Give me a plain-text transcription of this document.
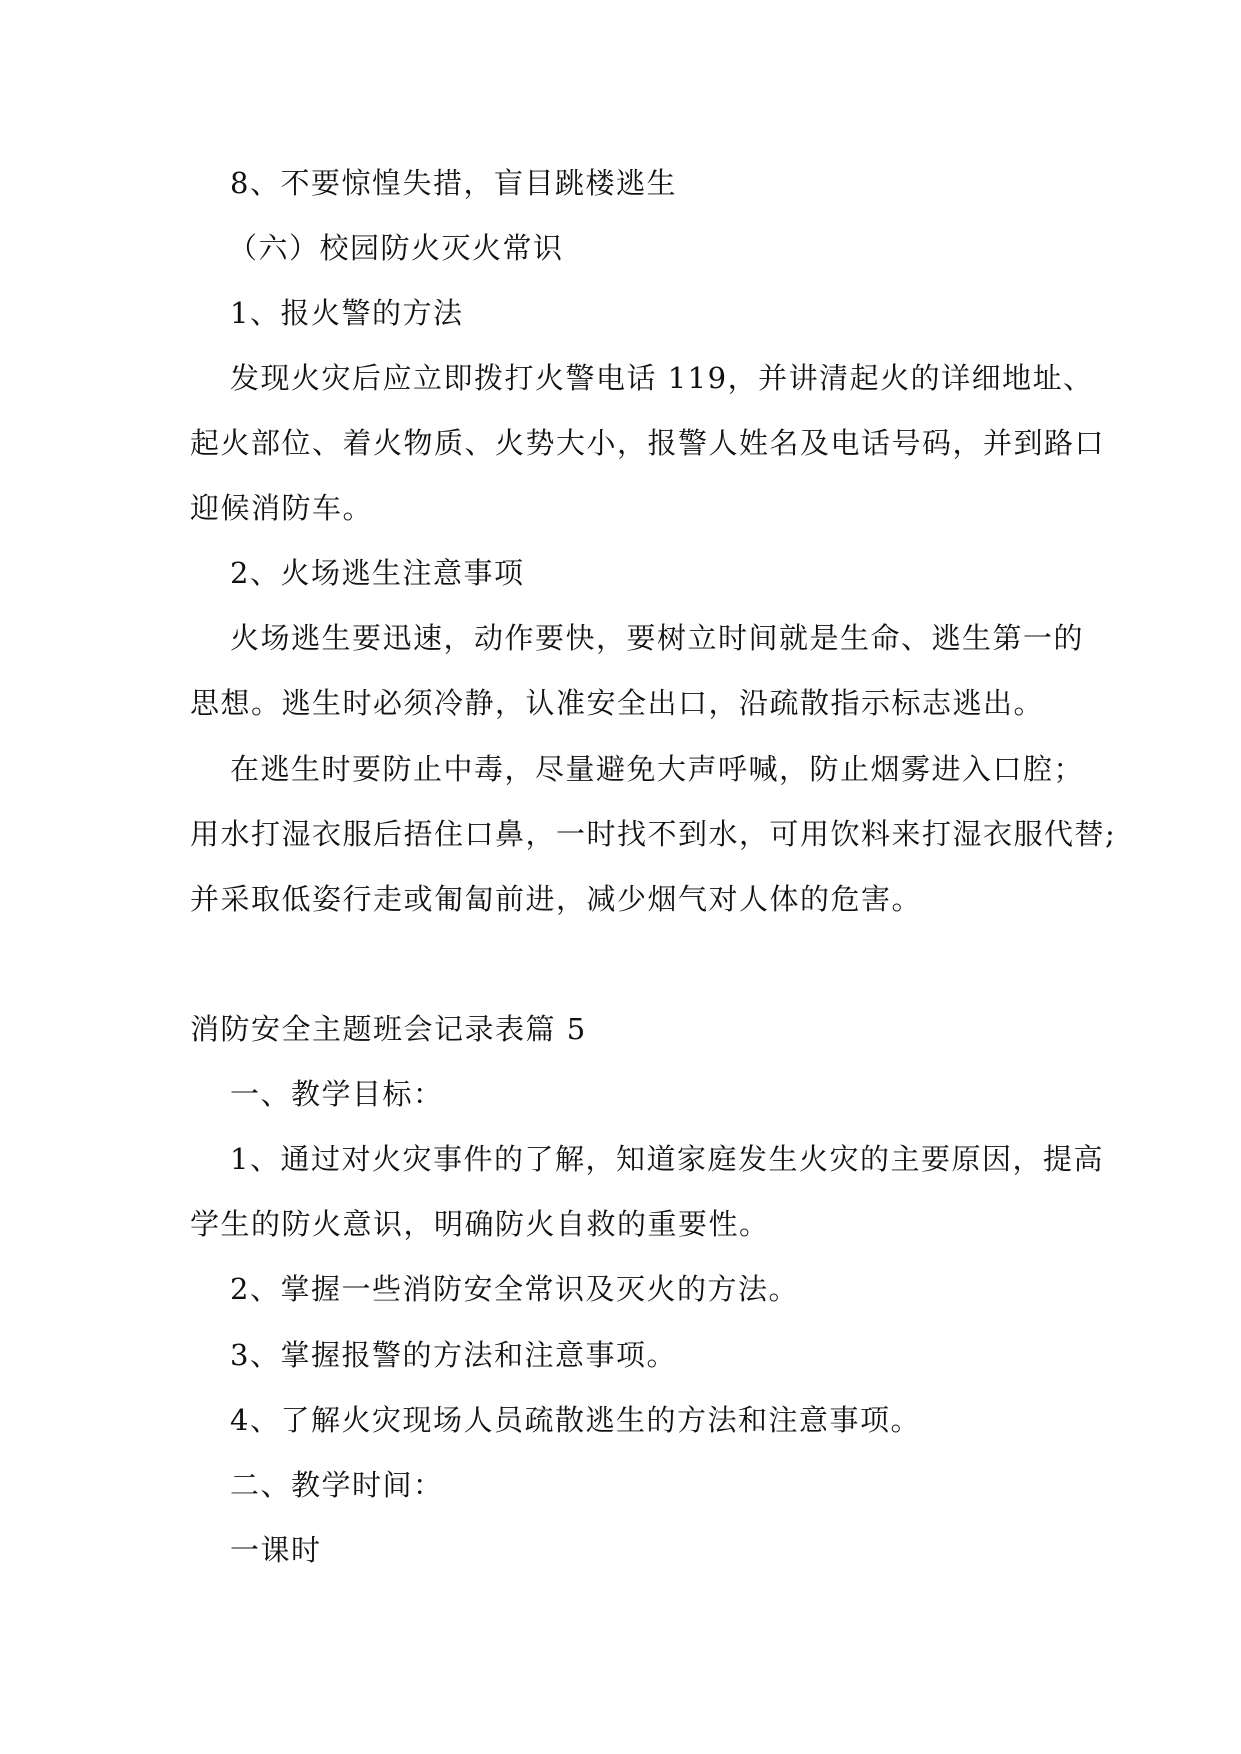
8、不要惊惶失措，盲目跳楼逃生

（六）校园防火灭火常识

1、报火警的方法

发现火灾后应立即拨打火警电话 119，并讲清起火的详细地址、

起火部位、着火物质、火势大小，报警人姓名及电话号码，并到路口

迎候消防车。

2、火场逃生注意事项

火场逃生要迅速，动作要快，要树立时间就是生命、逃生第一的

思想。逃生时必须冷静，认准安全出口，沿疏散指示标志逃出。

在逃生时要防止中毒，尽量避免大声呼喊，防止烟雾进入口腔；

用水打湿衣服后捂住口鼻，一时找不到水，可用饮料来打湿衣服代替;

并采取低姿行走或匍匐前进，减少烟气对人体的危害。

消防安全主题班会记录表篇 5

一、教学目标：

1、通过对火灾事件的了解，知道家庭发生火灾的主要原因，提高

学生的防火意识，明确防火自救的重要性。

2、掌握一些消防安全常识及灭火的方法。

3、掌握报警的方法和注意事项。

4、了解火灾现场人员疏散逃生的方法和注意事项。

二、教学时间：

一课时
